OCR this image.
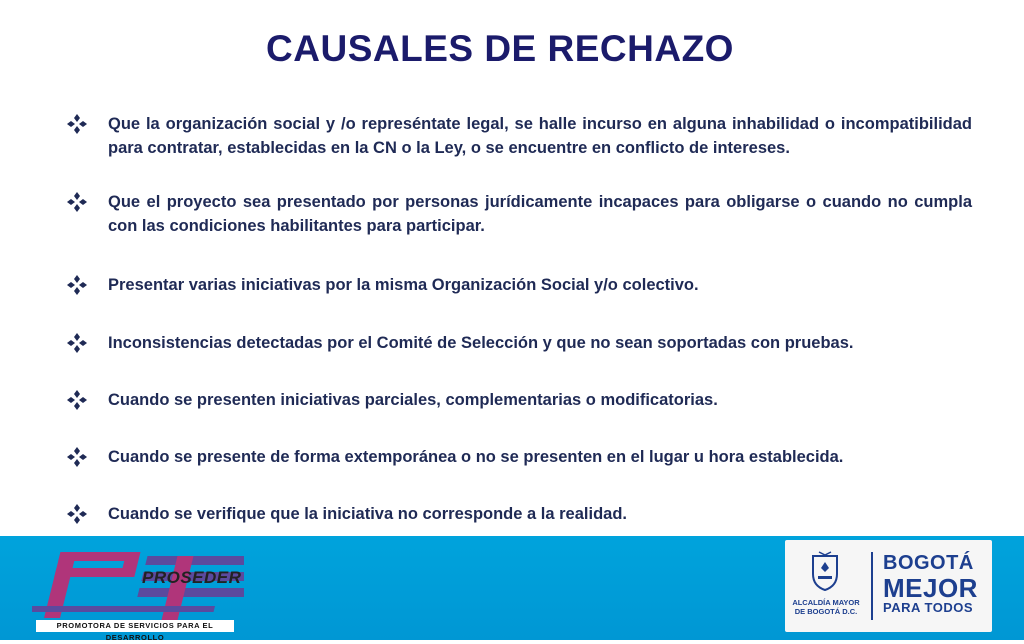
CAUSALES DE RECHAZO
Que la organización social y /o represéntate legal, se halle incurso en alguna inhabilidad o incompatibilidad para contratar, establecidas en la CN o la Ley, o se encuentre en conflicto de intereses.
Que el proyecto sea presentado por personas jurídicamente incapaces para obligarse o cuando no cumpla con las condiciones habilitantes para participar.
Presentar varias iniciativas por la misma Organización Social y/o colectivo.
Inconsistencias detectadas por el Comité de Selección y que no sean soportadas con pruebas.
Cuando se presenten iniciativas parciales, complementarias o modificatorias.
Cuando se presente de forma extemporánea o no se presenten en el lugar u hora establecida.
Cuando se verifique que la iniciativa no corresponde a la realidad.
PROSEDER
PROMOTORA DE SERVICIOS PARA EL DESARROLLO
ALCALDÍA MAYOR
DE BOGOTÁ D.C.
BOGOTÁ
MEJOR
PARA TODOS
